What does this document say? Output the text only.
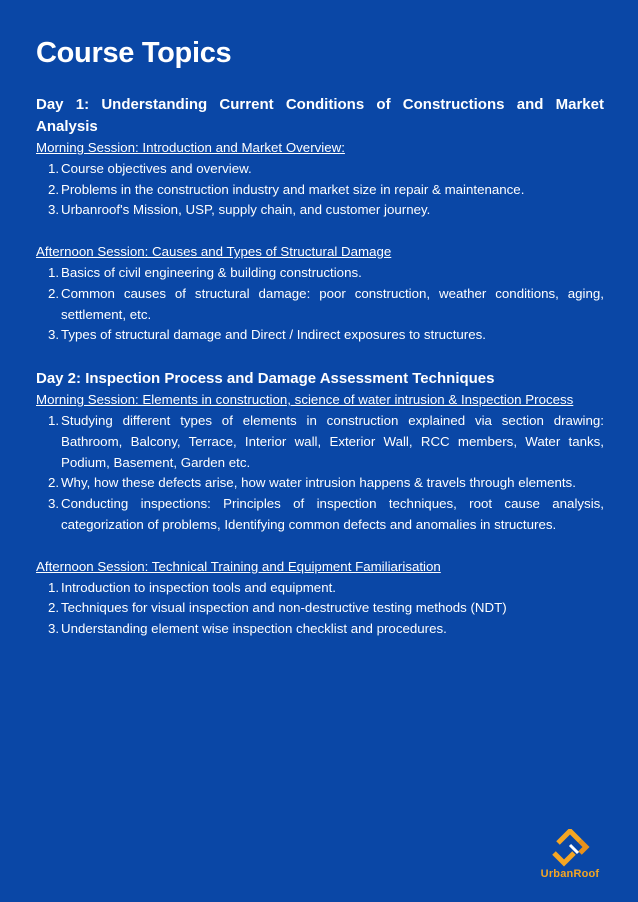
Course Topics

Day 1: Understanding Current Conditions of Constructions and Market Analysis

Morning Session: Introduction and Market Overview:

1. Course objectives and overview.
2. Problems in the construction industry and market size in repair & maintenance.
3. Urbanroof's Mission, USP, supply chain, and customer journey.

Afternoon Session: Causes and Types of Structural Damage

1. Basics of civil engineering & building constructions.
2. Common causes of structural damage: poor construction, weather conditions, aging, settlement, etc.
3. Types of structural damage and Direct / Indirect exposures to structures.

Day 2: Inspection Process and Damage Assessment Techniques

Morning Session: Elements in construction, science of water intrusion & Inspection Process

1. Studying different types of elements in construction explained via section drawing: Bathroom, Balcony, Terrace, Interior wall, Exterior Wall, RCC members, Water tanks, Podium, Basement, Garden etc.
2. Why, how these defects arise, how water intrusion happens & travels through elements.
3. Conducting inspections: Principles of inspection techniques, root cause analysis, categorization of problems, Identifying common defects and anomalies in structures.

Afternoon Session: Technical Training and Equipment Familiarisation

1. Introduction to inspection tools and equipment.
2. Techniques for visual inspection and non-destructive testing methods (NDT)
3. Understanding element wise inspection checklist and procedures.
UrbanRoof
